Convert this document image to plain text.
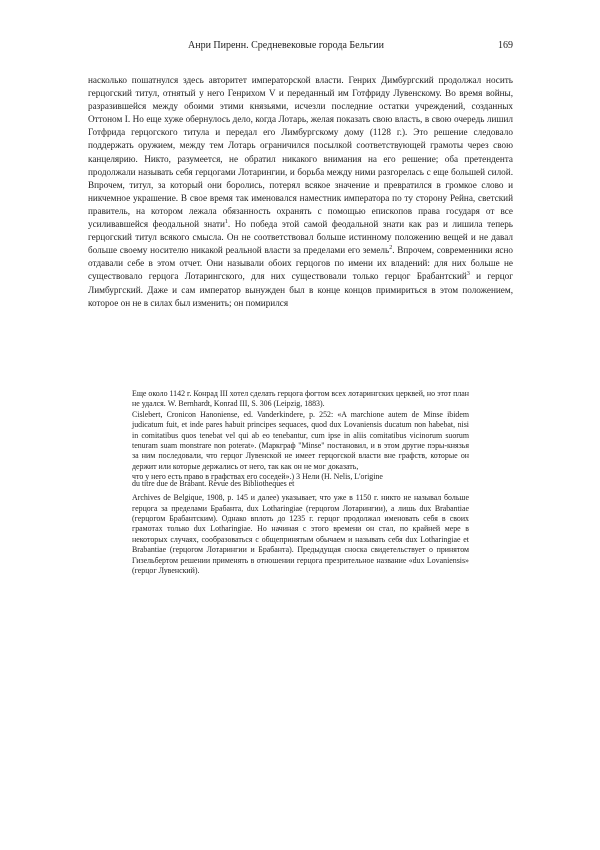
Анри Пиренн. Средневековые города Бельгии	169

насколько пошатнулся здесь авторитет императорской власти. Генрих Димбургский продолжал носить герцогский титул, отнятый у него Генрихом V и переданный им Готфриду Лувенскому. Во время войны, разразившейся между обоими этими князьями, исчезли последние остатки учреждений, созданных Оттоном I. Но еще хуже обернулось дело, когда Лотарь, желая показать свою власть, в свою очередь лишил Готфрида герцогского титула и передал его Лимбургскому дому (1128 г.). Это решение следовало поддержать оружием, между тем Лотарь ограничился посылкой соответствующей грамоты через свою канцелярию. Никто, разумеется, не обратил никакого внимания на его решение; оба претендента продолжали называть себя герцогами Лотарингии, и борьба между ними разгорелась с еще большей силой. Впрочем, титул, за который они боролись, потерял всякое значение и превратился в громкое слово и никчемное украшение. В свое время так именовался наместник императора по ту сторону Рейна, светский правитель, на котором лежала обязанность охранять с помощью епископов права государя от все усиливавшейся феодальной знати$^1$. Но победа этой самой феодальной знати как раз и лишила теперь герцогский титул всякого смысла. Он не соответствовал больше истинному положению вещей и не давал больше своему носителю никакой реальной власти за пределами его земель$^2$. Впрочем, современники ясно отдавали себе в этом отчет. Они называли обоих герцогов по имени их владений: для них больше не существовало герцога Лотарингского, для них существовали только герцог Брабантский$^3$ и герцог Лимбургский. Даже и сам император вынужден был в конце концов примириться в этом положением, которое он не в силах был изменить; он помирился

Еще около 1142 г. Конрад III хотел сделать герцога фогтом всех лотарингских церквей, но этот план не удался. W. Bernhardt, Konrad III, S. 306 (Leipzig, 1883).

Cislebert, Cronicon Hanoniense, ed. Vanderkindere, p. 252: «A marchione autem de Minse ibidem judicatum fuit, et inde pares habuit principes sequaces, quod dux Lovaniensis ducatum non habebat, nisi in comitatibus quos tenebat vel qui ab eo tenebantur, cum ipse in aliis comitatibus vicinorum suorum tenuram suam monstrare non poterat». (Маркграф "Minse" постановил, и в этом другие пэры-князья за ним последовали, что герцог Лувенской не имеет герцогской власти вне графств, которые он держит или которые держались от него, так как он не мог доказать,

что у него есть право в графствах его соседей».) 3 Нели (H. Nelis, L'origine
du titre due de Brabant. Revue des Bibliotheques et

Archives de Belgique, 1908, p. 145 и далее) указывает, что уже в 1150 г. никто не называл больше герцога за пределами Брабанта, dux Lotharingiae (герцогом Лотарингии), а лишь dux Brabantiae (герцогом Брабантским). Однако вплоть до 1235 г. герцог продолжал именовать себя в своих грамотах только dux Lotharingiae. Но начиная с этого времени он стал, по крайней мере в некоторых случаях, сообразоваться с общепринятым обычаем и называть себя dux Lotharingiae et Brabantiae (герцогом Лотарингии и Брабанта). Предыдущая сноска свидетельствует о принятом Гизельбертом решении применять в отношении герцога презрительное название «dux Lovaniensis» (герцог Лувенский).
